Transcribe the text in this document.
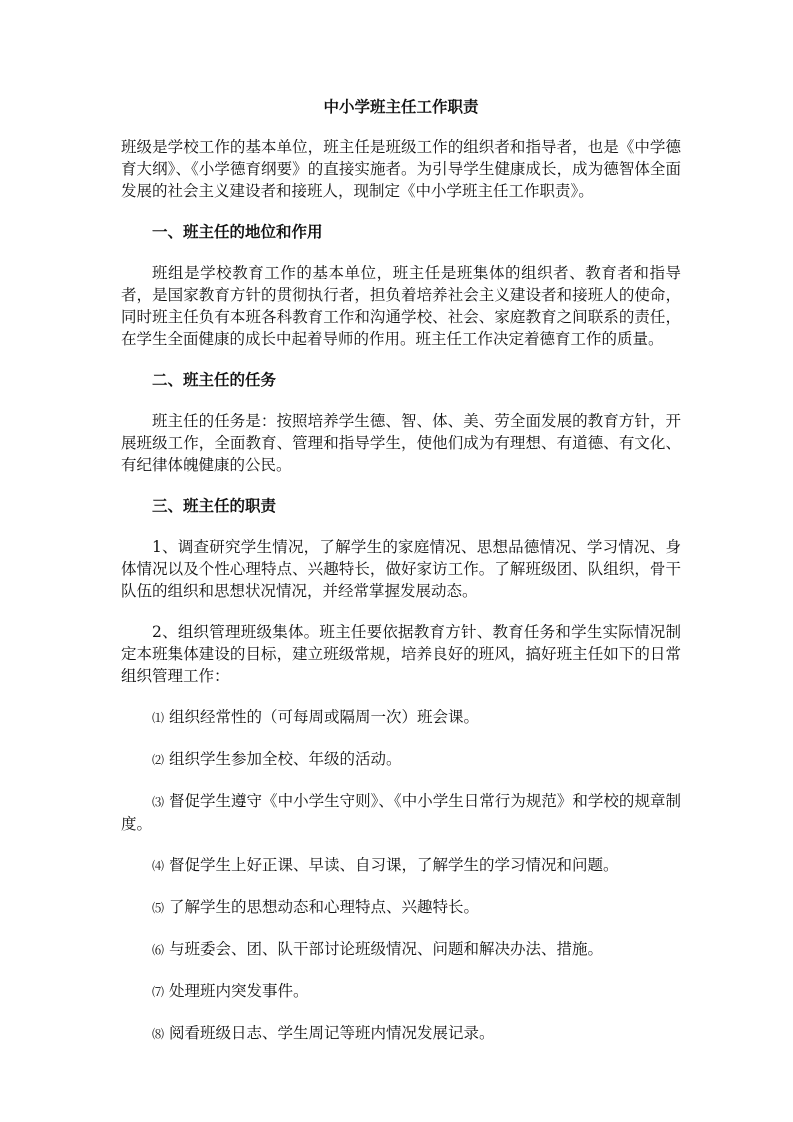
中小学班主任工作职责

班级是学校工作的基本单位，班主任是班级工作的组织者和指导者，也是《中学德育大纲》、《小学德育纲要》的直接实施者。为引导学生健康成长，成为德智体全面发展的社会主义建设者和接班人，现制定《中小学班主任工作职责》。

一、班主任的地位和作用

班组是学校教育工作的基本单位，班主任是班集体的组织者、教育者和指导者，是国家教育方针的贯彻执行者，担负着培养社会主义建设者和接班人的使命，同时班主任负有本班各科教育工作和沟通学校、社会、家庭教育之间联系的责任，在学生全面健康的成长中起着导师的作用。班主任工作决定着德育工作的质量。

二、班主任的任务

班主任的任务是：按照培养学生德、智、体、美、劳全面发展的教育方针，开展班级工作，全面教育、管理和指导学生，使他们成为有理想、有道德、有文化、有纪律体魄健康的公民。

三、班主任的职责

1、调查研究学生情况，了解学生的家庭情况、思想品德情况、学习情况、身体情况以及个性心理特点、兴趣特长，做好家访工作。了解班级团、队组织，骨干队伍的组织和思想状况情况，并经常掌握发展动态。

2、组织管理班级集体。班主任要依据教育方针、教育任务和学生实际情况制定本班集体建设的目标，建立班级常规，培养良好的班风，搞好班主任如下的日常组织管理工作：

⑴ 组织经常性的（可每周或隔周一次）班会课。

⑵ 组织学生参加全校、年级的活动。

⑶ 督促学生遵守《中小学生守则》、《中小学生日常行为规范》和学校的规章制度。

⑷ 督促学生上好正课、早读、自习课，了解学生的学习情况和问题。

⑸ 了解学生的思想动态和心理特点、兴趣特长。

⑹ 与班委会、团、队干部讨论班级情况、问题和解决办法、措施。

⑺ 处理班内突发事件。

⑻ 阅看班级日志、学生周记等班内情况发展记录。
